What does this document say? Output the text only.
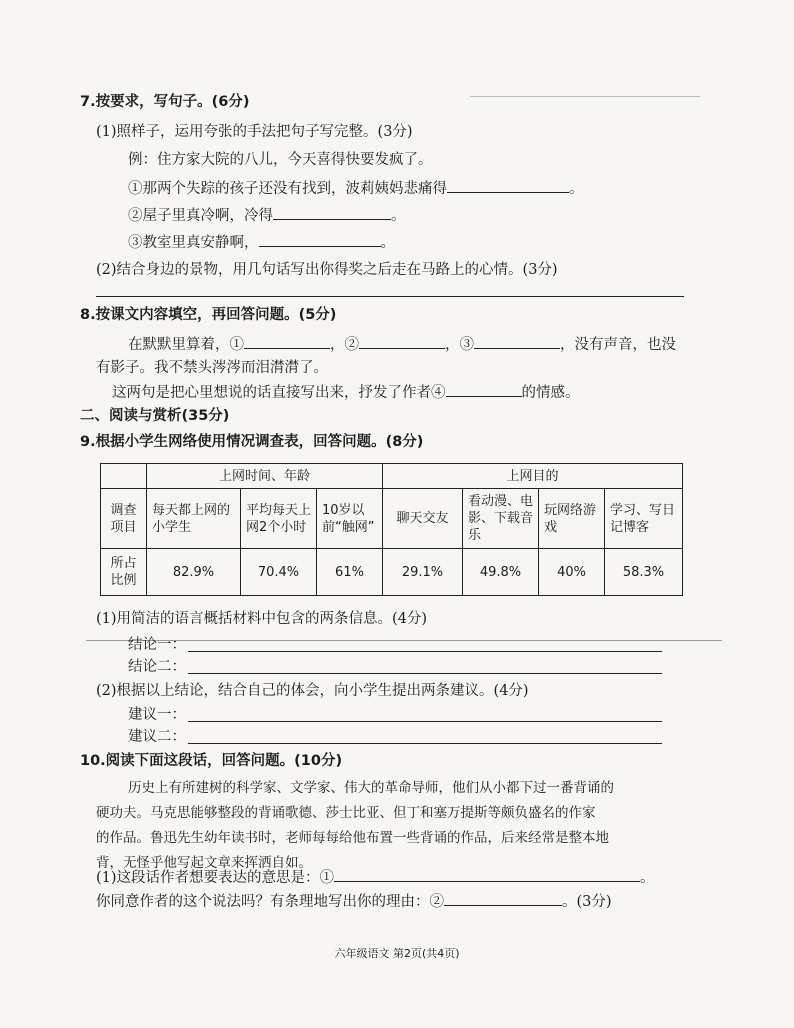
7.按要求，写句子。(6分)
(1)照样子，运用夸张的手法把句子写完整。(3分)
例：住方家大院的八儿，今天喜得快要发疯了。
①那两个失踪的孩子还没有找到，波莉姨妈悲痛得	。
②屋子里真冷啊，冷得	。
③教室里真安静啊，	。
(2)结合身边的景物，用几句话写出你得奖之后走在马路上的心情。(3分)
8.按课文内容填空，再回答问题。(5分)
在默默里算着，①	，②	，③	，没有声音，也没
有影子。我不禁头涔涔而泪潸潸了。
这两句是把心里想说的话直接写出来，抒发了作者④	的情感。
二、阅读与赏析(35分)
9.根据小学生网络使用情况调查表，回答问题。(8分)
	上网时间、年龄			上网目的			
调查项目	每天都上网的小学生	平均每天上网2个小时	10岁以前“触网”	聊天交友	看动漫、电影、下载音乐	玩网络游戏	学习、写日记博客
所占比例	82.9%	70.4%	61%	29.1%	49.8%	40%	58.3%
(1)用简洁的语言概括材料中包含的两条信息。(4分)
结论一：
结论二：
(2)根据以上结论，结合自己的体会，向小学生提出两条建议。(4分)
建议一：
建议二：
10.阅读下面这段话，回答问题。(10分)
历史上有所建树的科学家、文学家、伟大的革命导师，他们从小都下过一番背诵的
硬功夫。马克思能够整段的背诵歌德、莎士比亚、但丁和塞万提斯等颇负盛名的作家
的作品。鲁迅先生幼年读书时，老师每每给他布置一些背诵的作品，后来经常是整本地
背，无怪乎他写起文章来挥洒自如。
(1)这段话作者想要表达的意思是：①	。
你同意作者的这个说法吗？有条理地写出你的理由：②	。(3分)
六年级语文 第2页(共4页)
